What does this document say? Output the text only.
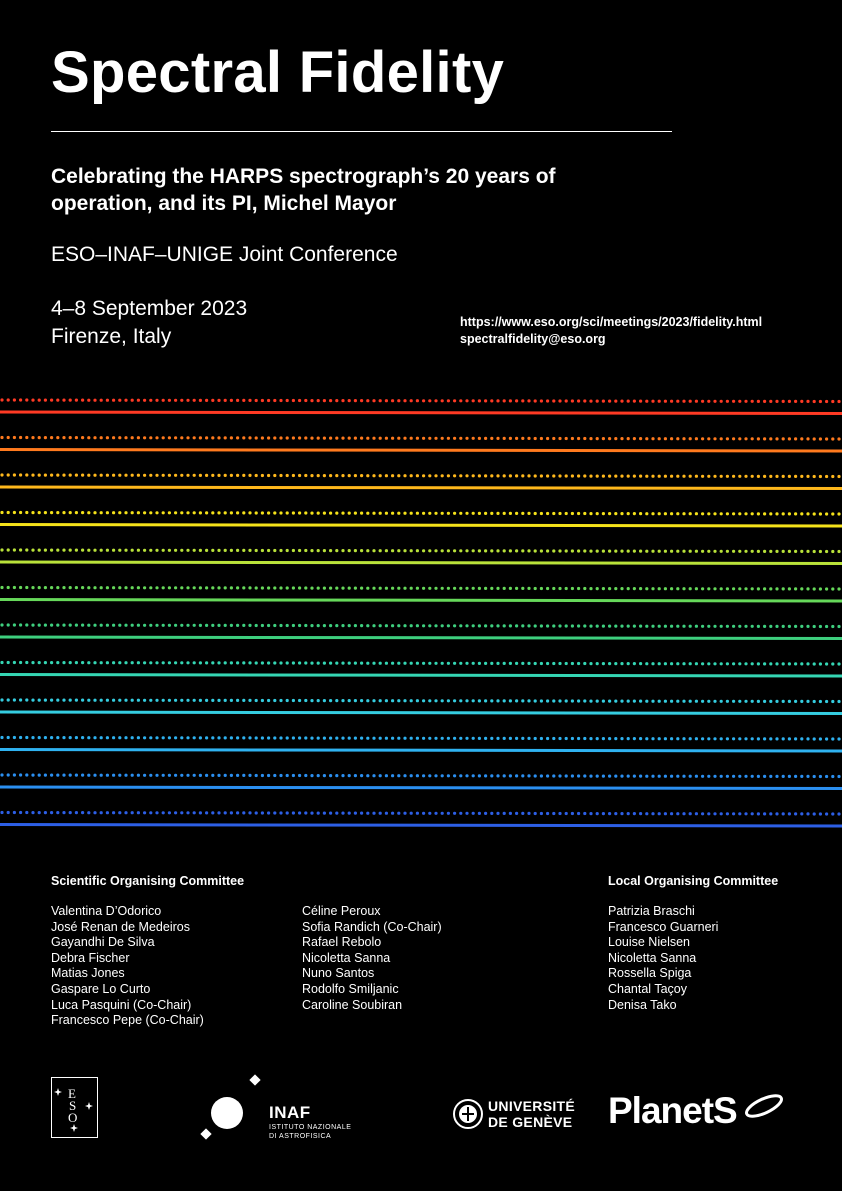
Spectral Fidelity
Celebrating the HARPS spectrograph’s 20 years of operation, and its PI, Michel Mayor
ESO–INAF–UNIGE Joint Conference
4–8 September 2023
Firenze, Italy
https://www.eso.org/sci/meetings/2023/fidelity.html
spectralfidelity@eso.org
Scientific Organising Committee
Valentina D’Odorico
José Renan de Medeiros
Gayandhi De Silva
Debra Fischer
Matias Jones
Gaspare Lo Curto
Luca Pasquini (Co-Chair)
Francesco Pepe (Co-Chair)
Céline Peroux
Sofia Randich (Co-Chair)
Rafael Rebolo
Nicoletta Sanna
Nuno Santos
Rodolfo Smiljanic
Caroline Soubiran
Local Organising Committee
Patrizia Braschi
Francesco Guarneri
Louise Nielsen
Nicoletta Sanna
Rossella Spiga
Chantal Taçoy
Denisa Tako
E
S
O	INAF
ISTITUTO NAZIONALE
DI ASTROFISICA
UNIVERSITÉ
DE GENÈVE PlanetS
